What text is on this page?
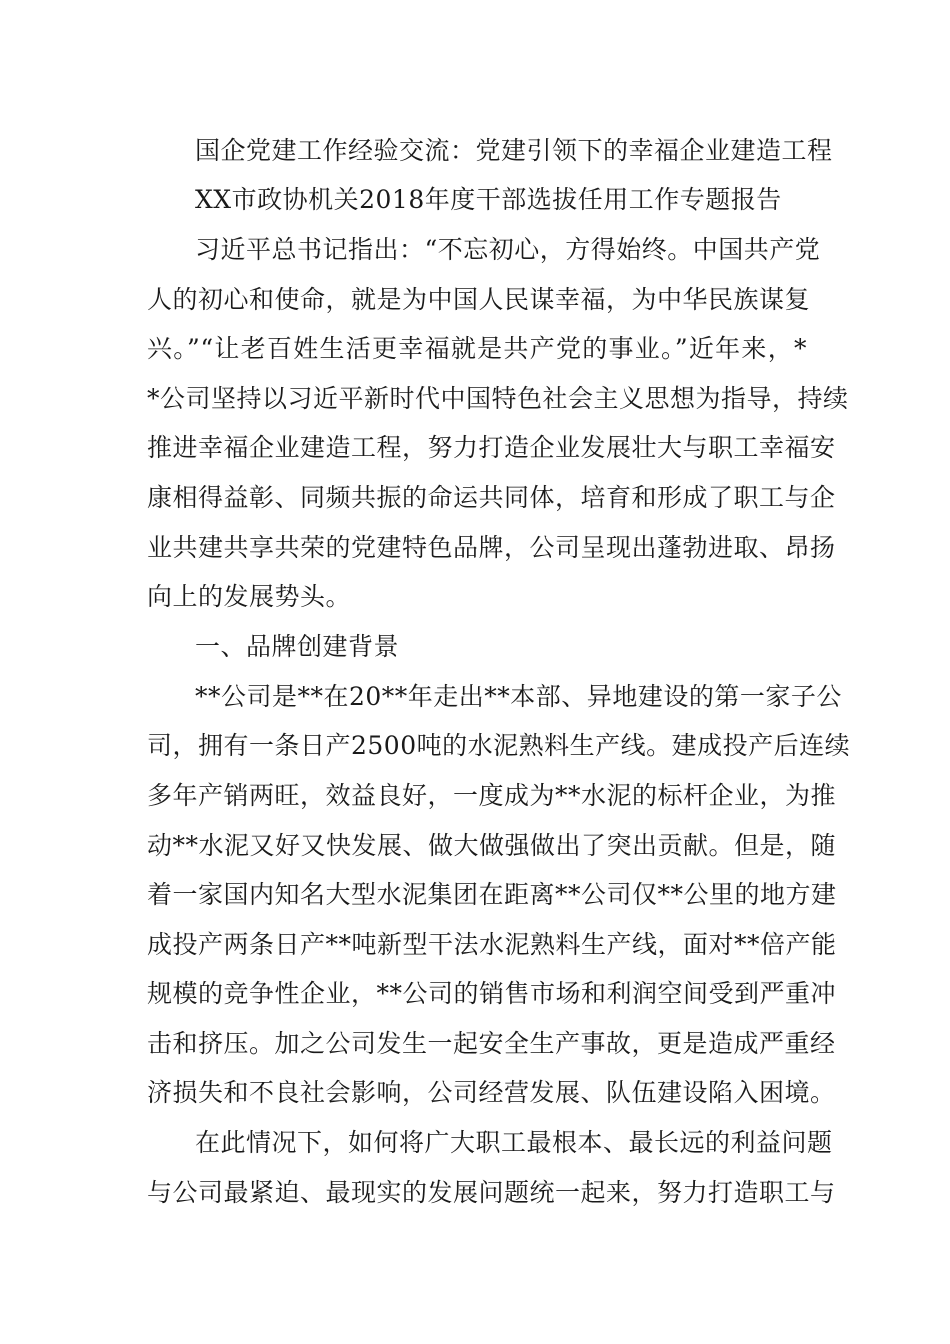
国企党建工作经验交流：党建引领下的幸福企业建造工程
XX市政协机关2018年度干部选拔任用工作专题报告
习近平总书记指出：“不忘初心，方得始终。中国共产党
人的初心和使命，就是为中国人民谋幸福，为中华民族谋复
兴。”“让老百姓生活更幸福就是共产党的事业。”近年来，*
*公司坚持以习近平新时代中国特色社会主义思想为指导，持续
推进幸福企业建造工程，努力打造企业发展壮大与职工幸福安
康相得益彰、同频共振的命运共同体，培育和形成了职工与企
业共建共享共荣的党建特色品牌，公司呈现出蓬勃进取、昂扬
向上的发展势头。
一、品牌创建背景
**公司是**在20**年走出**本部、异地建设的第一家子公
司，拥有一条日产2500吨的水泥熟料生产线。建成投产后连续
多年产销两旺，效益良好，一度成为**水泥的标杆企业，为推
动**水泥又好又快发展、做大做强做出了突出贡献。但是，随
着一家国内知名大型水泥集团在距离**公司仅**公里的地方建
成投产两条日产**吨新型干法水泥熟料生产线，面对**倍产能
规模的竞争性企业，**公司的销售市场和利润空间受到严重冲
击和挤压。加之公司发生一起安全生产事故，更是造成严重经
济损失和不良社会影响，公司经营发展、队伍建设陷入困境。
在此情况下，如何将广大职工最根本、最长远的利益问题
与公司最紧迫、最现实的发展问题统一起来，努力打造职工与
